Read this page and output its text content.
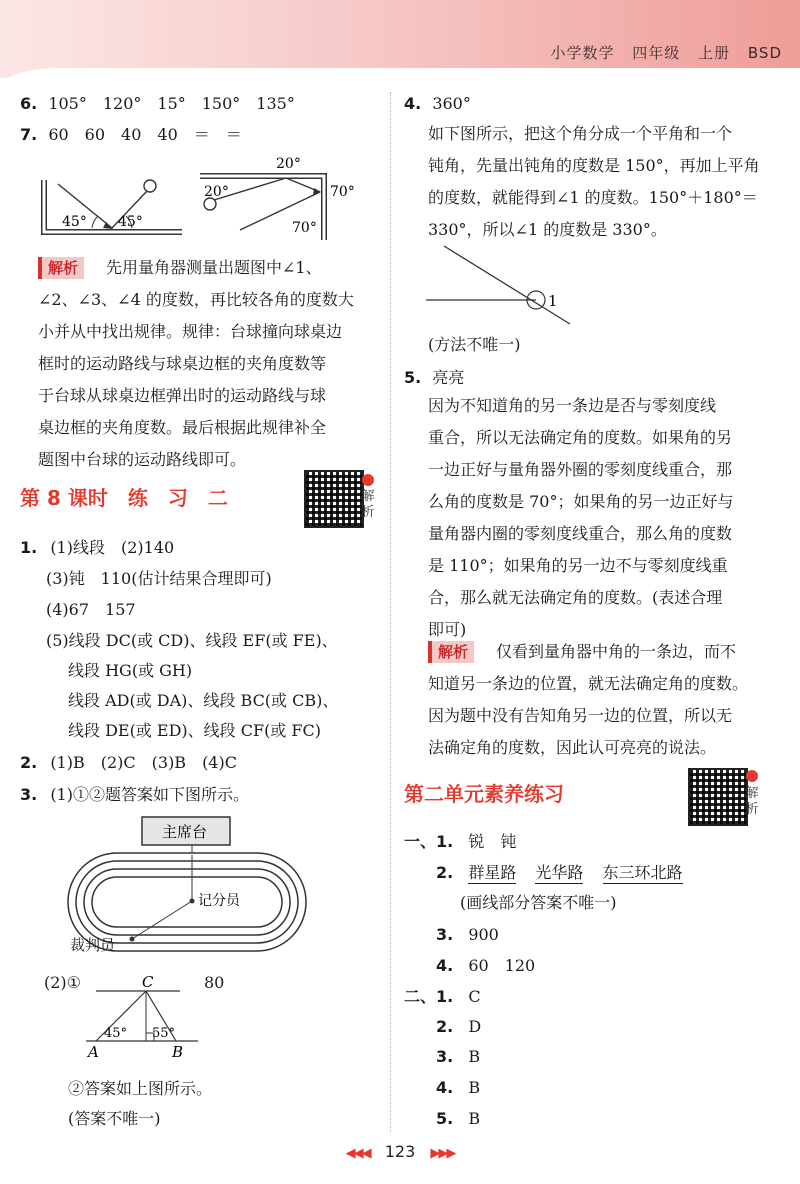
小学数学 四年级 上册 BSD
6. 105°　120°　15°　150°　135°
7. 60　60　40　40　＝　＝
45° 45°
20°
20°	70°
70°
解析 先用量角器测量出题图中∠1、
∠2、∠3、∠4 的度数，再比较各角的度数大
小并从中找出规律。规律：台球撞向球桌边
框时的运动路线与球桌边框的夹角度数等
于台球从球桌边框弹出时的运动路线与球
桌边框的夹角度数。最后根据此规律补全
题图中台球的运动路线即可。
第 8 课时　练　习　二	解析
1. (1)线段　(2)140
(3)钝　110(估计结果合理即可)
(4)67　157
(5)线段 DC(或 CD)、线段 EF(或 FE)、
线段 HG(或 GH)
线段 AD(或 DA)、线段 BC(或 CB)、
线段 DE(或 ED)、线段 CF(或 FC)
2. (1)B　(2)C　(3)B　(4)C
3. (1)①②题答案如下图所示。
主席台
记分员
裁判员
(2)①	80
C
A	B
45° 55°
②答案如上图所示。
(答案不唯一)
4. 360°
如下图所示，把这个角分成一个平角和一个
钝角，先量出钝角的度数是 150°，再加上平角
的度数，就能得到∠1 的度数。150°＋180°＝
330°，所以∠1 的度数是 330°。
1
(方法不唯一)
5. 亮亮
因为不知道角的另一条边是否与零刻度线
重合，所以无法确定角的度数。如果角的另
一边正好与量角器外圈的零刻度线重合，那
么角的度数是 70°；如果角的另一边正好与
量角器内圈的零刻度线重合，那么角的度数
是 110°；如果角的另一边不与零刻度线重
合，那么就无法确定角的度数。(表述合理
即可)
解析 仅看到量角器中角的一条边，而不
知道另一条边的位置，就无法确定角的度数。
因为题中没有告知角另一边的位置，所以无
法确定角的度数，因此认可亮亮的说法。
第二单元素养练习	解析
一、1. 锐　钝
2. 群星路 光华路 东三环北路
(画线部分答案不唯一)
3. 900
4. 60　120
二、1. C
2. D
3. B
4. B
5. B
◀◀◀ 123 ▶▶▶
